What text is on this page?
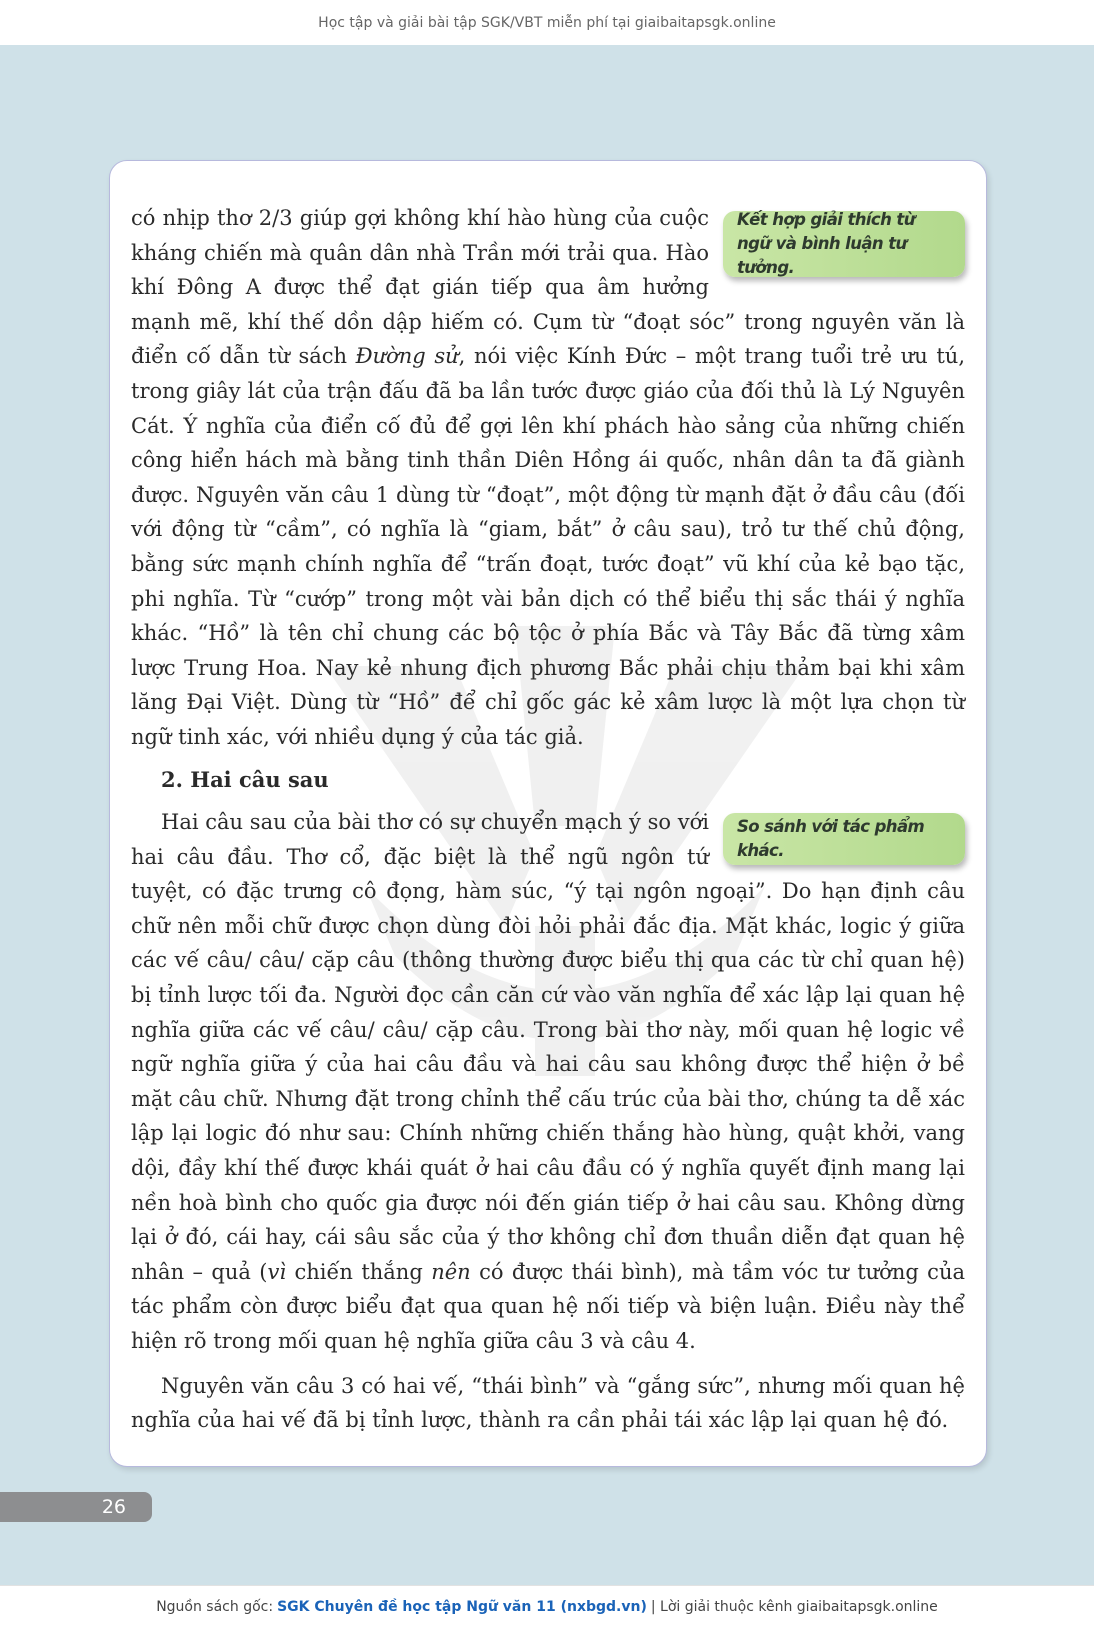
Học tập và giải bài tập SGK/VBT miễn phí tại giaibaitapsgk.online
Kết hợp giải thích từ ngữ và bình luận tư tưởng.

có nhịp thơ 2/3 giúp gợi không khí hào hùng của cuộc kháng chiến mà quân dân nhà Trần mới trải qua. Hào khí Đông A được thể đạt gián tiếp qua âm hưởng mạnh mẽ, khí thế dồn dập hiếm có. Cụm từ “đoạt sóc” trong nguyên văn là điển cố dẫn từ sách Đường sử, nói việc Kính Đức – một trang tuổi trẻ ưu tú, trong giây lát của trận đấu đã ba lần tước được giáo của đối thủ là Lý Nguyên Cát. Ý nghĩa của điển cố đủ để gợi lên khí phách hào sảng của những chiến công hiển hách mà bằng tinh thần Diên Hồng ái quốc, nhân dân ta đã giành được. Nguyên văn câu 1 dùng từ “đoạt”, một động từ mạnh đặt ở đầu câu (đối với động từ “cầm”, có nghĩa là “giam, bắt” ở câu sau), trỏ tư thế chủ động, bằng sức mạnh chính nghĩa để “trấn đoạt, tước đoạt” vũ khí của kẻ bạo tặc, phi nghĩa. Từ “cướp” trong một vài bản dịch có thể biểu thị sắc thái ý nghĩa khác. “Hồ” là tên chỉ chung các bộ tộc ở phía Bắc và Tây Bắc đã từng xâm lược Trung Hoa. Nay kẻ nhung địch phương Bắc phải chịu thảm bại khi xâm lăng Đại Việt. Dùng từ “Hồ” để chỉ gốc gác kẻ xâm lược là một lựa chọn từ ngữ tinh xác, với nhiều dụng ý của tác giả.

2. Hai câu sau

So sánh với tác phẩm khác.

Hai câu sau của bài thơ có sự chuyển mạch ý so với hai câu đầu. Thơ cổ, đặc biệt là thể ngũ ngôn tứ tuyệt, có đặc trưng cô đọng, hàm súc, “ý tại ngôn ngoại”. Do hạn định câu chữ nên mỗi chữ được chọn dùng đòi hỏi phải đắc địa. Mặt khác, logic ý giữa các vế câu/ câu/ cặp câu (thông thường được biểu thị qua các từ chỉ quan hệ) bị tỉnh lược tối đa. Người đọc cần căn cứ vào văn nghĩa để xác lập lại quan hệ nghĩa giữa các vế câu/ câu/ cặp câu. Trong bài thơ này, mối quan hệ logic về ngữ nghĩa giữa ý của hai câu đầu và hai câu sau không được thể hiện ở bề mặt câu chữ. Nhưng đặt trong chỉnh thể cấu trúc của bài thơ, chúng ta dễ xác lập lại logic đó như sau: Chính những chiến thắng hào hùng, quật khởi, vang dội, đầy khí thế được khái quát ở hai câu đầu có ý nghĩa quyết định mang lại nền hoà bình cho quốc gia được nói đến gián tiếp ở hai câu sau. Không dừng lại ở đó, cái hay, cái sâu sắc của ý thơ không chỉ đơn thuần diễn đạt quan hệ nhân – quả (vì chiến thắng nên có được thái bình), mà tầm vóc tư tưởng của tác phẩm còn được biểu đạt qua quan hệ nối tiếp và biện luận. Điều này thể hiện rõ trong mối quan hệ nghĩa giữa câu 3 và câu 4.

Nguyên văn câu 3 có hai vế, “thái bình” và “gắng sức”, nhưng mối quan hệ nghĩa của hai vế đã bị tỉnh lược, thành ra cần phải tái xác lập lại quan hệ đó.

26
Nguồn sách gốc: SGK Chuyên đề học tập Ngữ văn 11 (nxbgd.vn) | Lời giải thuộc kênh giaibaitapsgk.online
